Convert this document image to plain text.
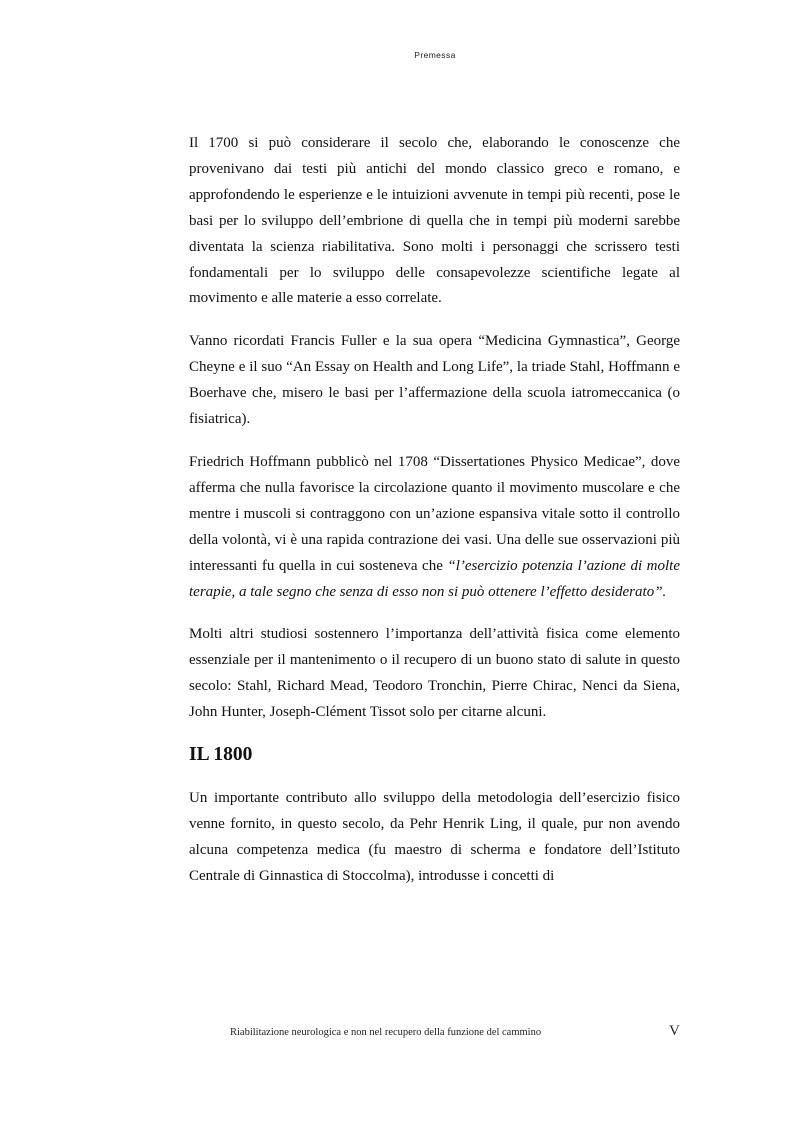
Premessa

Il 1700 si può considerare il secolo che, elaborando le conoscenze che provenivano dai testi più antichi del mondo classico greco e romano, e approfondendo le esperienze e le intuizioni avvenute in tempi più recenti, pose le basi per lo sviluppo dell’embrione di quella che in tempi più moderni sarebbe diventata la scienza riabilitativa. Sono molti i personaggi che scrissero testi fondamentali per lo sviluppo delle consapevolezze scientifiche legate al movimento e alle materie a esso correlate.

Vanno ricordati Francis Fuller e la sua opera “Medicina Gymnastica”, George Cheyne e il suo “An Essay on Health and Long Life”, la triade Stahl, Hoffmann e Boerhave che, misero le basi per l’affermazione della scuola iatromeccanica (o fisiatrica).

Friedrich Hoffmann pubblicò nel 1708 “Dissertationes Physico Medicae”, dove afferma che nulla favorisce la circolazione quanto il movimento muscolare e che mentre i muscoli si contraggono con un’azione espansiva vitale sotto il controllo della volontà, vi è una rapida contrazione dei vasi. Una delle sue osservazioni più interessanti fu quella in cui sosteneva che “l’esercizio potenzia l’azione di molte terapie, a tale segno che senza di esso non si può ottenere l’effetto desiderato”.

Molti altri studiosi sostennero l’importanza dell’attività fisica come elemento essenziale per il mantenimento o il recupero di un buono stato di salute in questo secolo: Stahl, Richard Mead, Teodoro Tronchin, Pierre Chirac, Nenci da Siena, John Hunter, Joseph-Clément Tissot solo per citarne alcuni.

IL 1800

Un importante contributo allo sviluppo della metodologia dell’esercizio fisico venne fornito, in questo secolo, da Pehr Henrik Ling, il quale, pur non avendo alcuna competenza medica (fu maestro di scherma e fondatore dell’Istituto Centrale di Ginnastica di Stoccolma), introdusse i concetti di

Riabilitazione neurologica e non nel recupero della funzione del cammino	V
